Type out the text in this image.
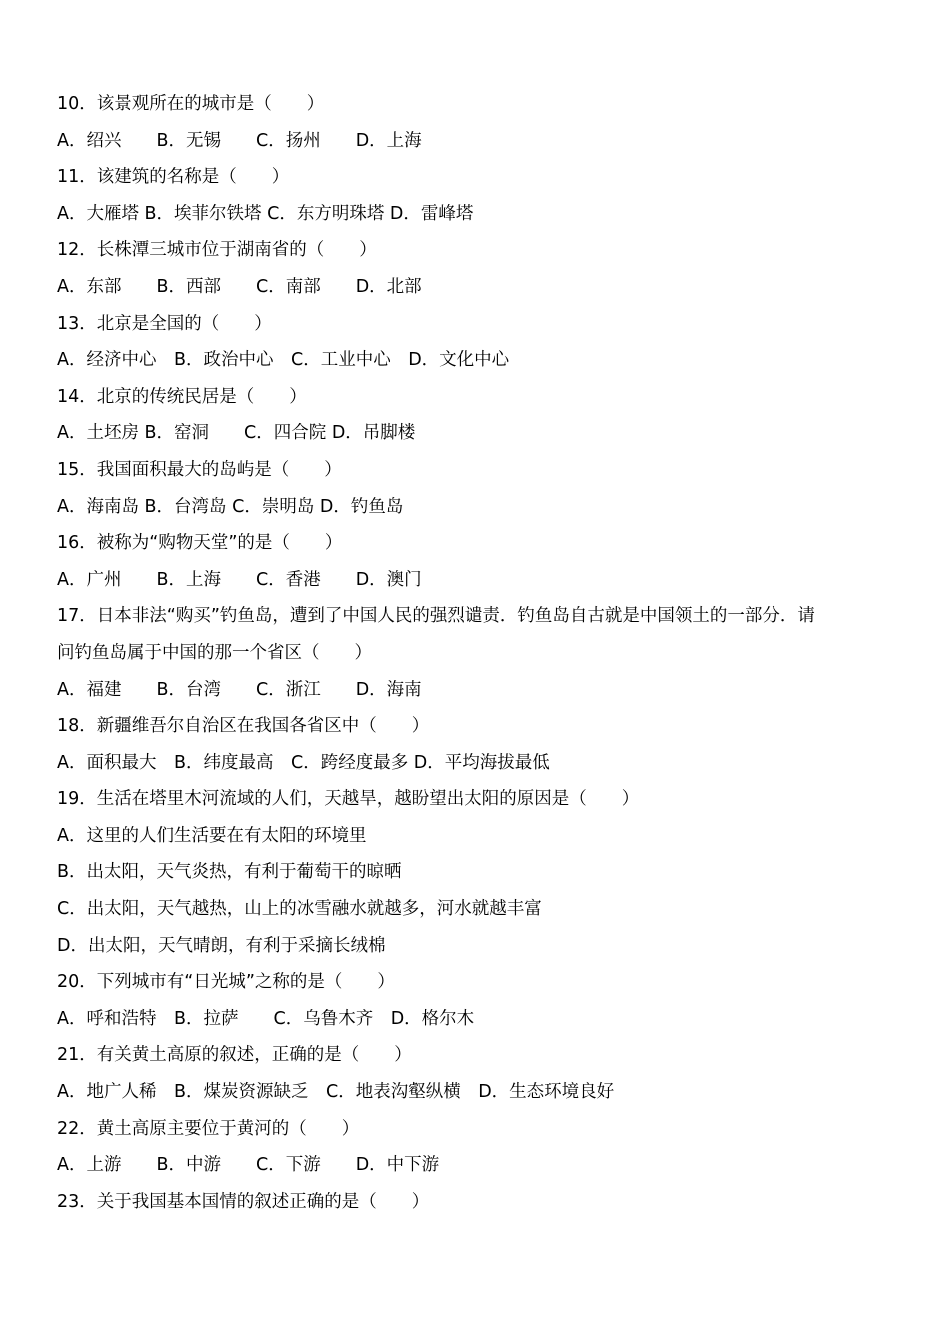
10．该景观所在的城市是（　　）
A．绍兴　　B．无锡　　C．扬州　　D．上海
11．该建筑的名称是（　　）
A．大雁塔 B．埃菲尔铁塔 C．东方明珠塔 D．雷峰塔
12．长株潭三城市位于湖南省的（　　）
A．东部　　B．西部　　C．南部　　D．北部
13．北京是全国的（　　）
A．经济中心　B．政治中心　C．工业中心　D．文化中心
14．北京的传统民居是（　　）
A．土坯房 B．窑洞　　C．四合院 D．吊脚楼
15．我国面积最大的岛屿是（　　）
A．海南岛 B．台湾岛 C．崇明岛 D．钓鱼岛
16．被称为“购物天堂”的是（　　）
A．广州　　B．上海　　C．香港　　D．澳门
17．日本非法“购买”钓鱼岛，遭到了中国人民的强烈谴责．钓鱼岛自古就是中国领土的一部分．请
问钓鱼岛属于中国的那一个省区（　　）
A．福建　　B．台湾　　C．浙江　　D．海南
18．新疆维吾尔自治区在我国各省区中（　　）
A．面积最大　B．纬度最高　C．跨经度最多 D．平均海拔最低
19．生活在塔里木河流域的人们，天越旱，越盼望出太阳的原因是（　　）
A．这里的人们生活要在有太阳的环境里
B．出太阳，天气炎热，有利于葡萄干的晾晒
C．出太阳，天气越热，山上的冰雪融水就越多，河水就越丰富
D．出太阳，天气晴朗，有利于采摘长绒棉
20．下列城市有“日光城”之称的是（　　）
A．呼和浩特　B．拉萨　　C．乌鲁木齐　D．格尔木
21．有关黄土高原的叙述，正确的是（　　）
A．地广人稀　B．煤炭资源缺乏　C．地表沟壑纵横　D．生态环境良好
22．黄土高原主要位于黄河的（　　）
A．上游　　B．中游　　C．下游　　D．中下游
23．关于我国基本国情的叙述正确的是（　　）
